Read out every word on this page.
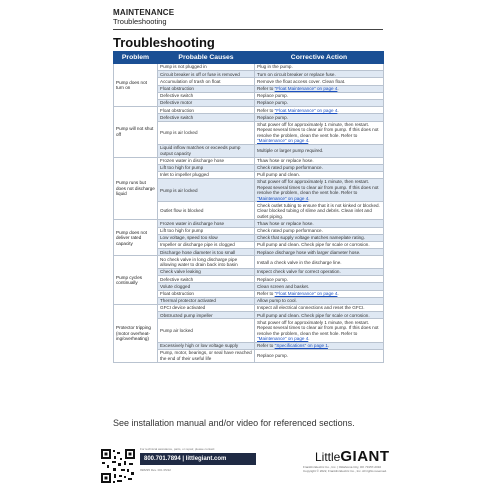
MAINTENANCE
Troubleshooting
Troubleshooting
Problem	Probable Causes	Corrective Action
Pump does not turn on	Pump is not plugged in	Plug in the pump.
	Circuit breaker is off or fuse is removed	Turn on circuit breaker or replace fuse.
	Accumulation of trash on float	Remove the float access cover. Clean float.
	Float obstruction	Refer to "Float Maintenance" on page 4.
	Defective switch	Replace pump.
	Defective motor	Replace pump.
Pump will not shut off	Float obstruction	Refer to "Float Maintenance" on page 4.
	Defective switch	Replace pump.
	Pump is air locked	Shut power off for approximately 1 minute, then restart. Repeat several times to clear air from pump. If this does not resolve the problem, clean the vent hole. Refer to "Maintenance" on page 4.
	Liquid inflow matches or exceeds pump output capacity	Multiple or larger pump required.
Pump runs but does not discharge liquid	Frozen water in discharge hose	Thaw hose or replace hose.
	Lift too high for pump	Check rated pump performance.
	Inlet to impeller plugged	Pull pump and clean.
	Pump is air locked	Shut power off for approximately 1 minute, then restart. Repeat several times to clear air from pump. If this does not resolve the problem, clean the vent hole. Refer to "Maintenance" on page 4.
	Outlet flow is blocked	Check outlet tubing to ensure that it is not kinked or blocked. Clear blocked tubing of slime and debris. Clean inlet and outlet piping.
Pump does not deliver rated capacity	Frozen water in discharge hose	Thaw hose or replace hose.
	Lift too high for pump	Check rated pump performance.
	Low voltage, speed too slow	Check that supply voltage matches nameplate rating.
	Impeller or discharge pipe is clogged	Pull pump and clean. Check pipe for scale or corrosion.
	Discharge hose diameter is too small	Replace discharge hose with larger diameter hose.
Pump cycles continually	No check valve in long discharge pipe allowing water to drain back into basin	Install a check valve in the discharge line.
	Check valve leaking	Inspect check valve for correct operation.
	Defective switch	Replace pump.
	Volute clogged	Clean screen and basket.
	Float obstruction	Refer to "Float Maintenance" on page 4.
	Thermal protector activated	Allow pump to cool.
Protector tripping (motor overheat-ing/overheating)	GFCI device activated	Inspect all electrical connections and reset the GFCI.
	Obstructed pump impeller	Pull pump and clean. Check pipe for scale or corrosion.
	Pump air locked	Shut power off for approximately 1 minute, then restart. Repeat several times to clear air from pump. If this does not resolve the problem, clean the vent hole. Refer to "Maintenance" on page 4.
	Excessively high or low voltage supply	Refer to "Specifications" on page 1.
	Pump, motor, bearings, or seal have reached the end of their useful life	Replace pump.
See installation manual and/or video for referenced sections.
For technical assistance, parts, or repair, please contact:
800.701.7894 | littlegiant.com
998295 Rev. 001 05/22
LittleGIANT
Franklin Electric Co., Inc. | Oklahoma City, OK 73157-2010
Copyright © 2022, Franklin Electric Co., Inc. All rights reserved.
